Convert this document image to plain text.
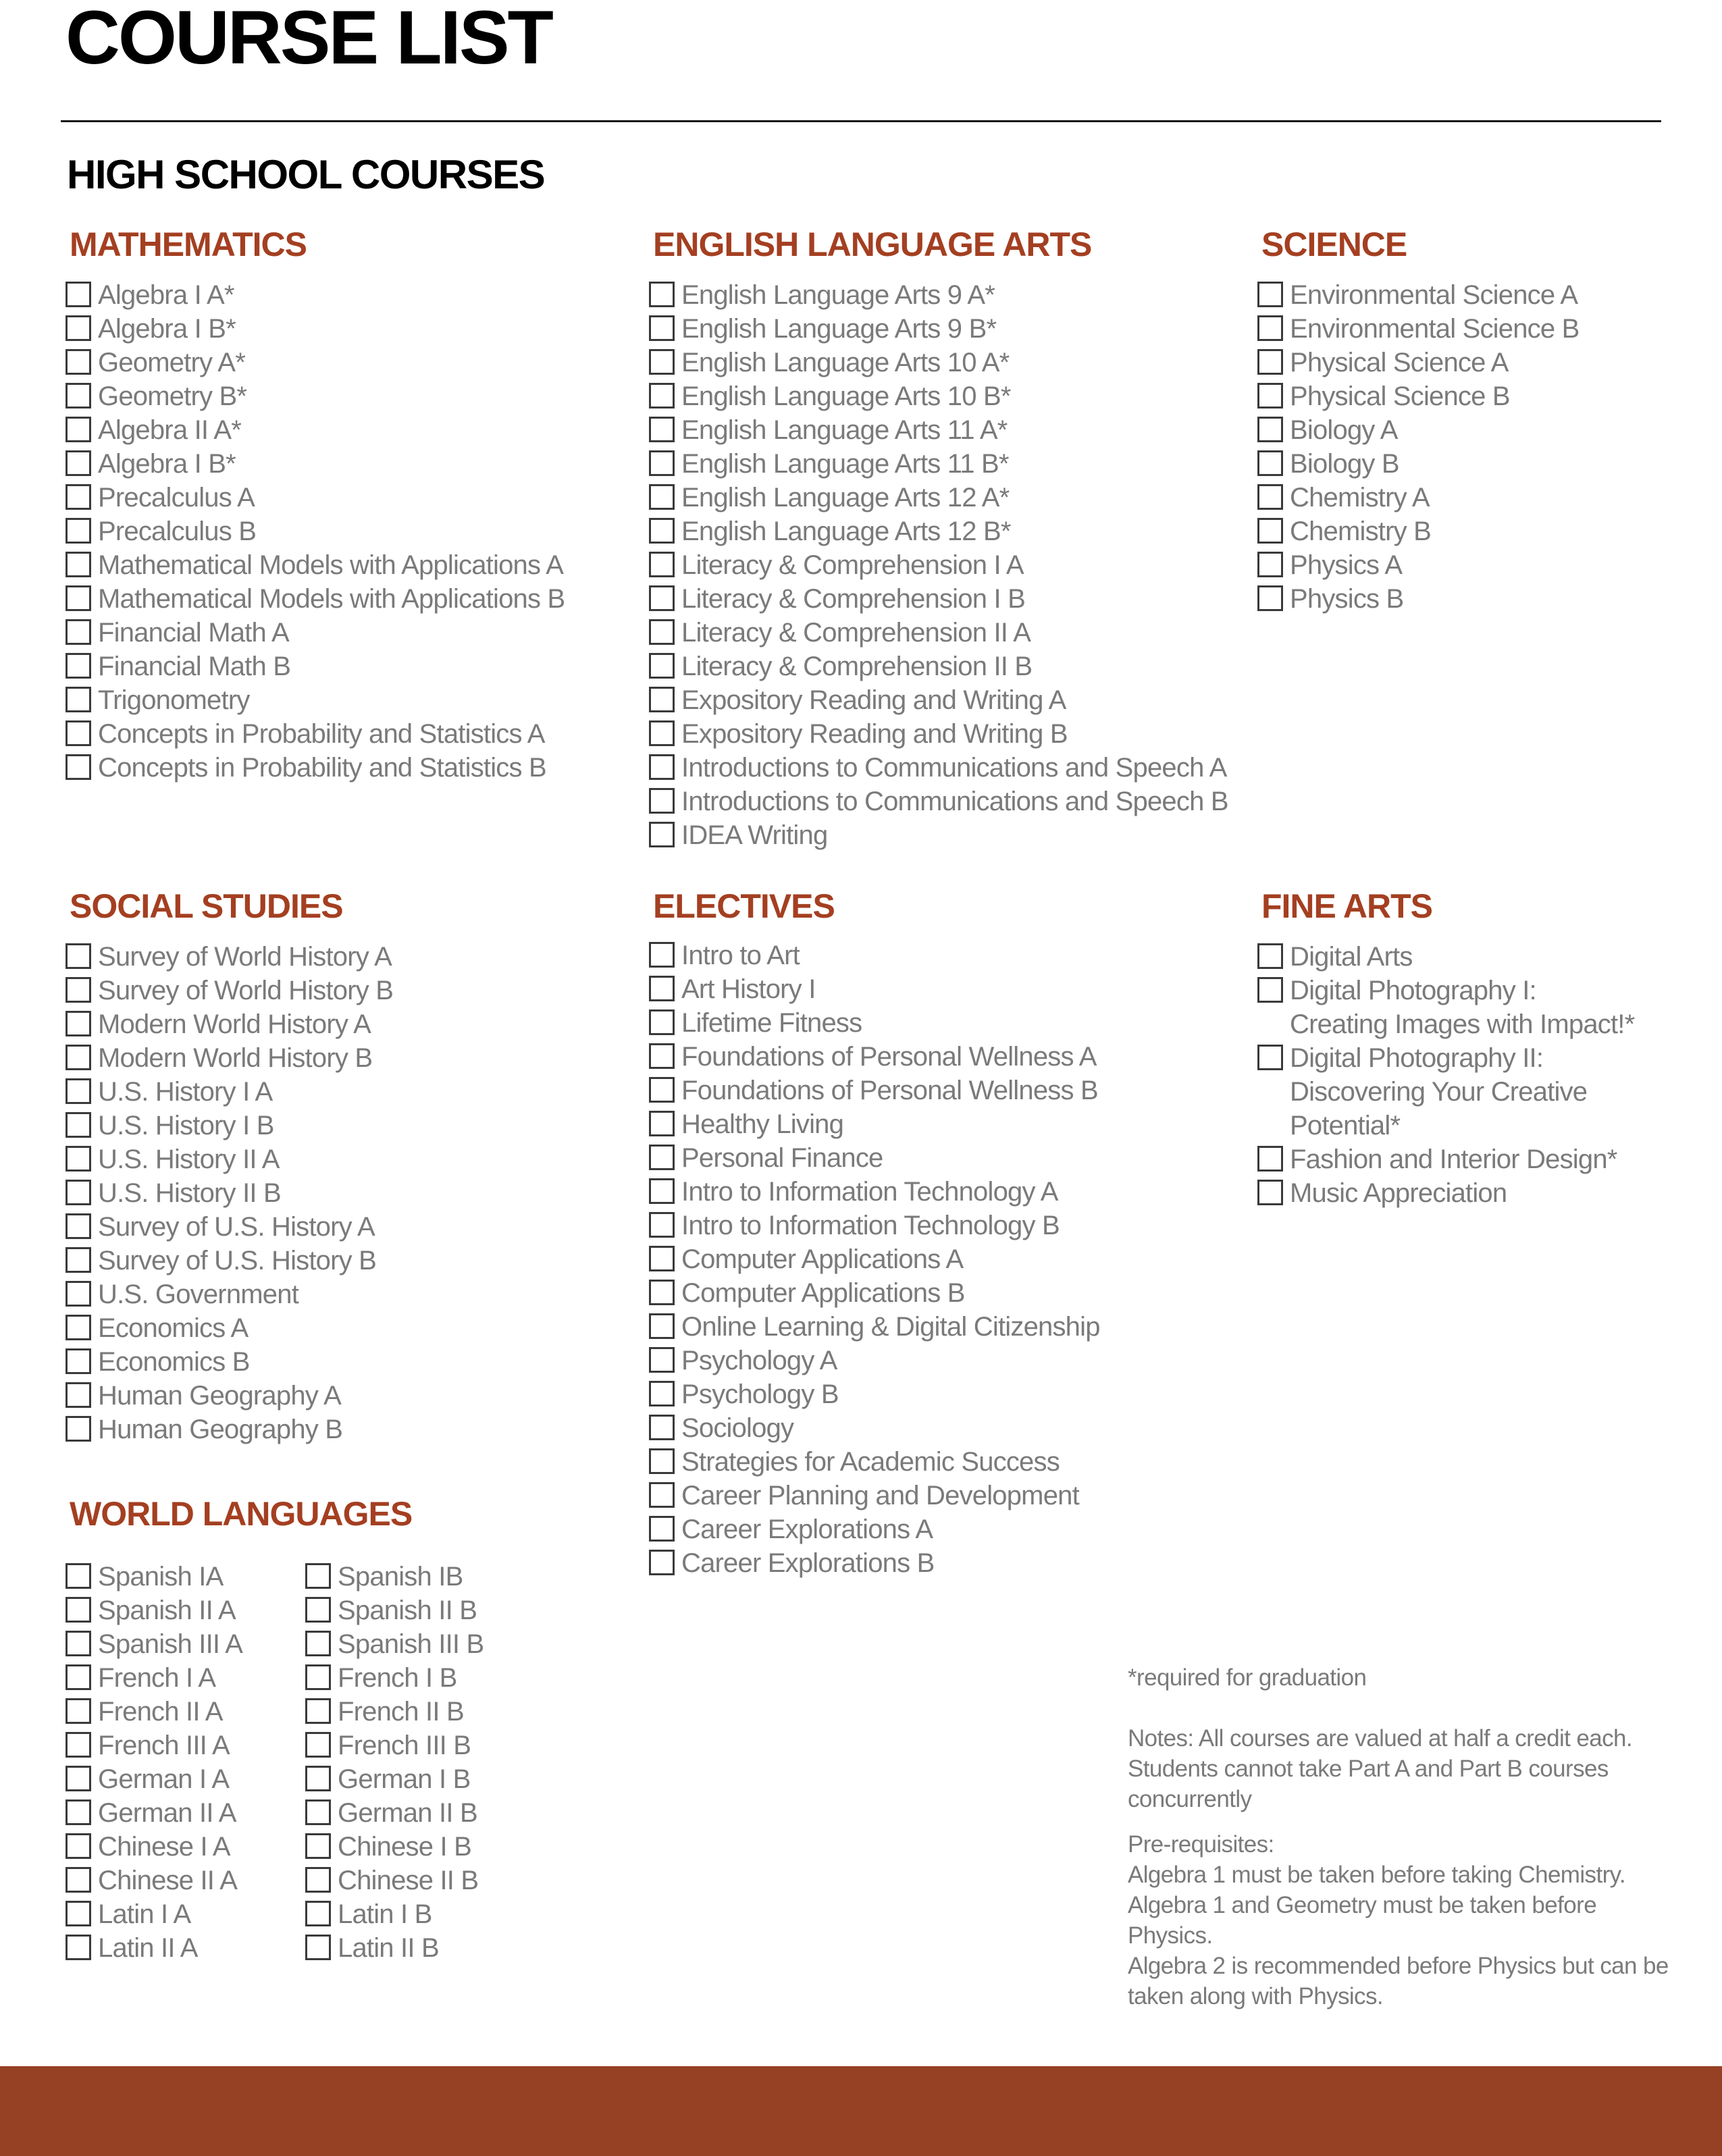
COURSE LIST
HIGH SCHOOL COURSES
MATHEMATICS
Algebra I A*
Algebra I B*
Geometry A*
Geometry B*
Algebra II A*
Algebra I B*
Precalculus A
Precalculus B
Mathematical Models with Applications A
Mathematical Models with Applications B
Financial Math A
Financial Math B
Trigonometry
Concepts in Probability and Statistics A
Concepts in Probability and Statistics B
ENGLISH LANGUAGE ARTS
English Language Arts 9 A*
English Language Arts 9 B*
English Language Arts 10 A*
English Language Arts 10 B*
English Language Arts 11 A*
English Language Arts 11 B*
English Language Arts 12 A*
English Language Arts 12 B*
Literacy & Comprehension I A
Literacy & Comprehension I B
Literacy & Comprehension II A
Literacy & Comprehension II B
Expository Reading and Writing A
Expository Reading and Writing B
Introductions to Communications and Speech A
Introductions to Communications and Speech B
IDEA Writing
SCIENCE
Environmental Science A
Environmental Science B
Physical Science A
Physical Science B
Biology A
Biology B
Chemistry A
Chemistry B
Physics A
Physics B
SOCIAL STUDIES
Survey of World History A
Survey of World History B
Modern World History A
Modern World History B
U.S. History I A
U.S. History I B
U.S. History II A
U.S. History II B
Survey of U.S. History A
Survey of U.S. History B
U.S. Government
Economics A
Economics B
Human Geography A
Human Geography B
ELECTIVES
Intro to Art
Art History I
Lifetime Fitness
Foundations of Personal Wellness A
Foundations of Personal Wellness B
Healthy Living
Personal Finance
Intro to Information Technology A
Intro to Information Technology B
Computer Applications A
Computer Applications B
Online Learning & Digital Citizenship
Psychology A
Psychology B
Sociology
Strategies for Academic Success
Career Planning and Development
Career Explorations A
Career Explorations B
FINE ARTS
Digital Arts
Digital Photography I:
Creating Images with Impact!*
Digital Photography II:
Discovering Your Creative
Potential*
Fashion and Interior Design*
Music Appreciation
WORLD LANGUAGES
Spanish IA
Spanish II A
Spanish III A
French I A
French II A
French III A
German I A
German II A
Chinese I A
Chinese II A
Latin I A
Latin II A
Spanish IB
Spanish II B
Spanish III B
French I B
French II B
French III B
German I B
German II B
Chinese I B
Chinese II B
Latin I B
Latin II B

*required for graduation

Notes: All courses are valued at half a credit each.

Students cannot take Part A and Part B courses

concurrently

Pre-requisites:

Algebra 1 must be taken before taking Chemistry.

Algebra 1 and Geometry must be taken before

Physics.

Algebra 2 is recommended before Physics but can be

taken along with Physics.
